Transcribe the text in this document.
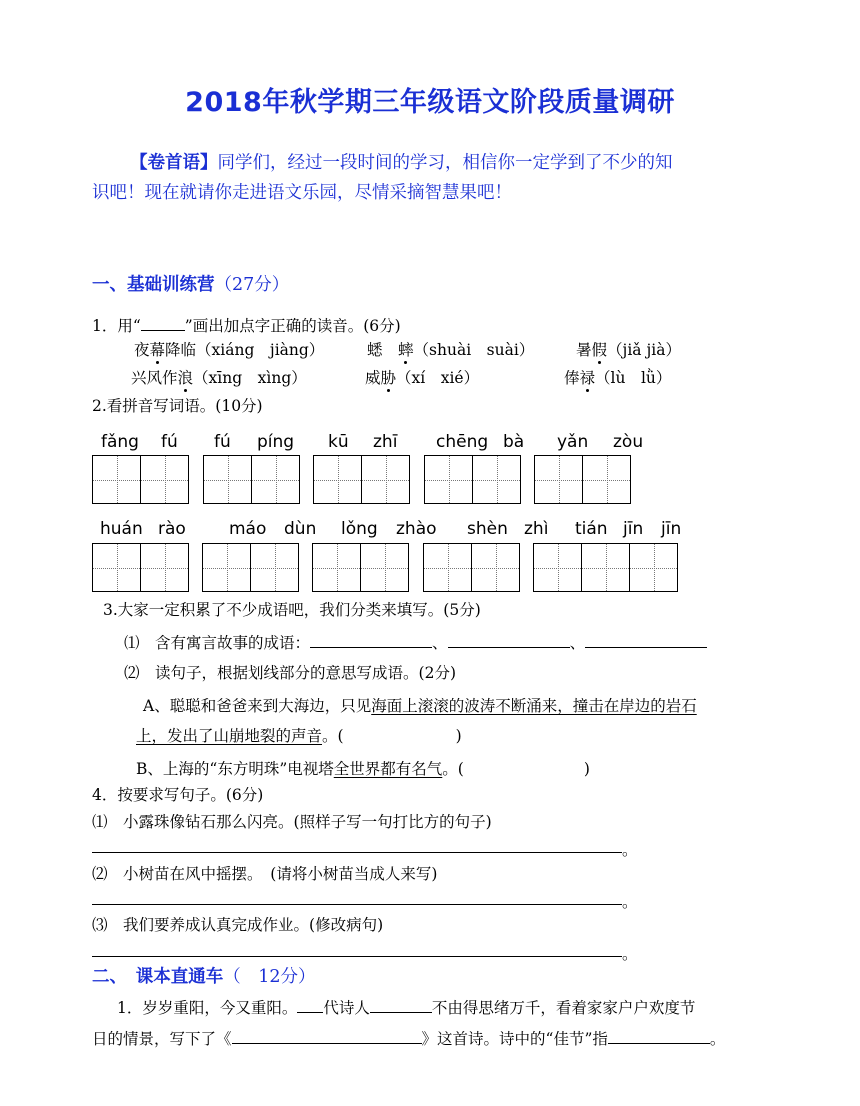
2018年秋学期三年级语文阶段质量调研
【卷首语】同学们，经过一段时间的学习，相信你一定学到了不少的知
识吧！现在就请你走进语文乐园，尽情采摘智慧果吧！
一、基础训练营（27分）
1．用“	”画出加点字正确的读音。(6分)
夜幕降临（xiáng　jiàng）	蟋　蟀（shuài　suài）	暑假（jiǎ jià）
兴风作浪（xīng　xìng）	威胁（xí　xié）	俸禄（lù　lǜ）
2.看拼音写词语。(10分)
fǎng fú fú píng kū zhī chēng bà yǎn zòu
huán rào	máo dùn lǒng zhào shèn zhì tián jīn jīn
3.大家一定积累了不少成语吧，我们分类来填写。(5分)
⑴　 含有寓言故事的成语：	、	、
⑵　 读句子，根据划线部分的意思写成语。(2分)
A、聪聪和爸爸来到大海边，只见海面上滚滚的波涛不断涌来，撞击在岸边的岩石
上，发出了山崩地裂的声音。(	)
B、上海的“东方明珠”电视塔全世界都有名气。(	)
4．按要求写句子。(6分)
⑴　 小露珠像钻石那么闪亮。(照样子写一句打比方的句子)
。
⑵　 小树苗在风中摇摆。　(请将小树苗当成人来写)
。
⑶　 我们要养成认真完成作业。(修改病句)
。
二、　课本直通车（　12分）
1．岁岁重阳，今又重阳。 代诗人	不由得思绪万千，看着家家户户欢度节
日的情景，写下了《	》这首诗。诗中的“佳节”指	。
